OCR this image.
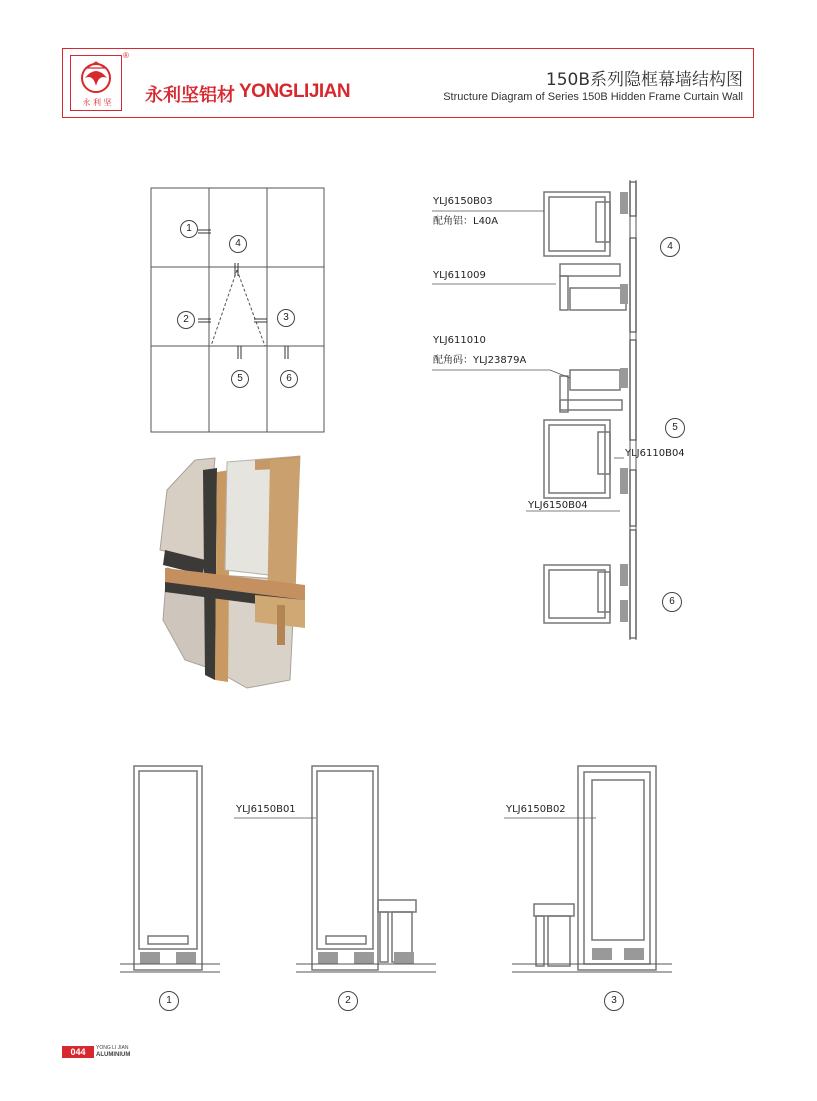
永 利 坚
®
永利坚铝材 YONGLIJIAN
150B系列隐框幕墙结构图
Structure Diagram of Series 150B Hidden Frame Curtain Wall
1
4
2	3
5	6
YLJ6150B03
配角铝：L40A
YLJ611009
YLJ611010
配角码：YLJ23879A
YLJ6110B04
YLJ6150B04
4
5
6
YLJ6150B01	YLJ6150B02
1	2	3
044	YONG LI JIAN
ALUMINIUM
